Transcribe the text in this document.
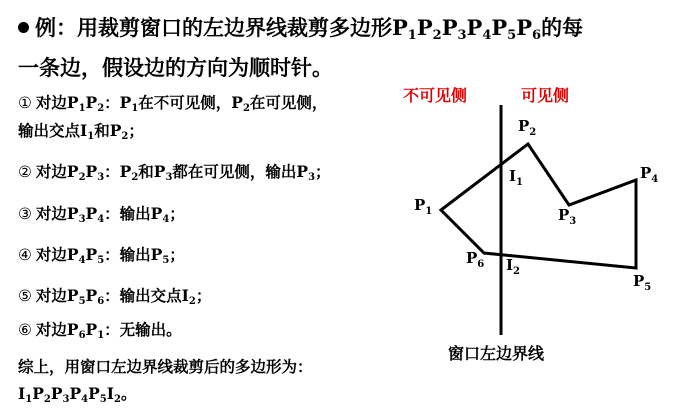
例：用裁剪窗口的左边界线裁剪多边形$P_1P_2P_3P_4P_5P_6$的每
一条边，假设边的方向为顺时针。
① 对边$P_1P_2$：$P_1$在不可见侧，$P_2$在可见侧，
输出交点$I_1$和$P_2$；
② 对边$P_2P_3$：$P_2$和$P_3$都在可见侧，输出$P_3$；
③ 对边$P_3P_4$：输出$P_4$；
④ 对边$P_4P_5$：输出$P_5$；
⑤ 对边$P_5P_6$：输出交点$I_2$；
⑥ 对边$P_6P_1$：无输出。
综上，用窗口左边界线裁剪后的多边形为：
$I_1P_2P_3P_4P_5I_2$。
不可见侧	可见侧
窗口左边界线
$P_1$
$P_2$
$P_3$
$P_4$
$P_5$
$P_6$
$I_1$
$I_2$
